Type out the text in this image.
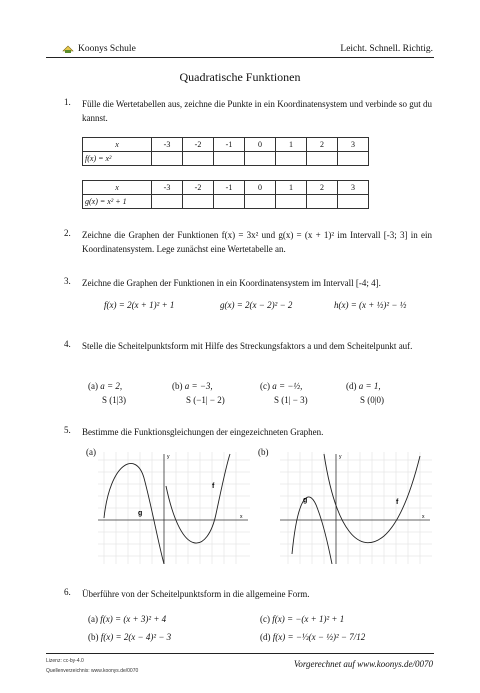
Koonys Schule	Leicht. Schnell. Richtig.
Quadratische Funktionen
1. Fülle die Wertetabellen aus, zeichne die Punkte in ein Koordinatensystem und verbinde so gut du kannst.
x	-3	-2	-1	0	1	2	3
f(x) = x²							
x	-3	-2	-1	0	1	2	3
g(x) = x² + 1							
2. Zeichne die Graphen der Funktionen f(x) = 3x² und g(x) = (x + 1)² im Intervall [-3; 3] in ein Koordinatensystem. Lege zunächst eine Wertetabelle an.
3. Zeichne die Graphen der Funktionen in ein Koordinatensystem im Intervall [-4; 4].
f(x) = 2(x + 1)² + 1	g(x) = 2(x − 2)² − 2	h(x) = (x + ½)² − ½
4. Stelle die Scheitelpunktsform mit Hilfe des Streckungsfaktors a und dem Scheitelpunkt auf.
(a) a = 2,
S (1|3)
(b) a = −3,
S (−1| − 2)
(c) a = −½,
S (1| − 3)
(d) a = 1,
S (0|0)
5. Bestimme die Funktionsgleichungen der eingezeichneten Graphen.
(a)	(b)
x
y
g
f
x
y
g	f
6. Überführe von der Scheitelpunktsform in die allgemeine Form.
(a) f(x) = (x + 3)² + 4
(b) f(x) = 2(x − 4)² − 3
(c) f(x) = −(x + 1)² + 1
(d) f(x) = −⅓(x − ½)² − 7/12
Lizenz: cc-by-4.0
Quellenverzeichnis: www.koonys.de/0070
Vorgerechnet auf www.koonys.de/0070
